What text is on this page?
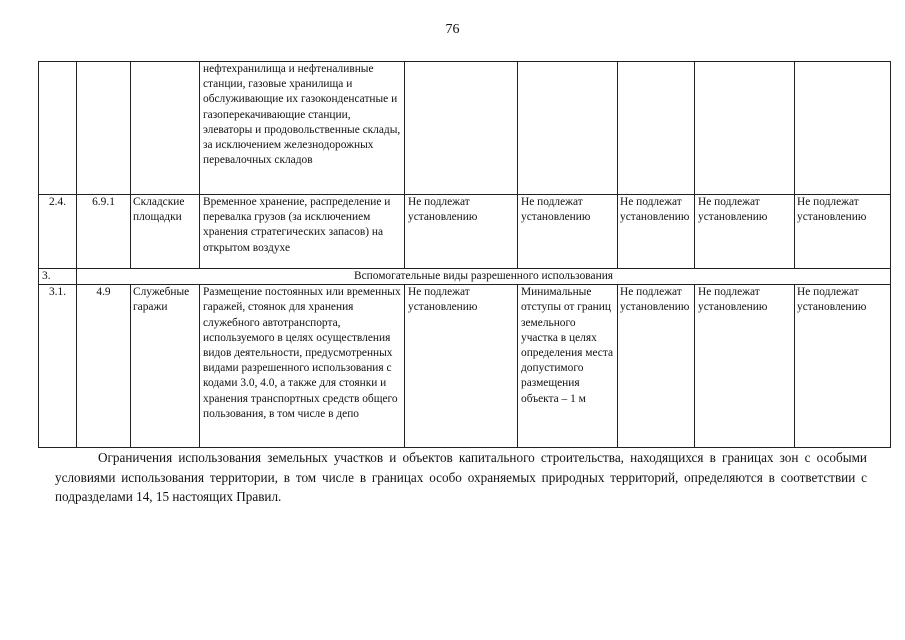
76
			нефтехранилища и нефтеналивные станции, газовые хранилища и обслуживающие их газоконденсатные и газоперекачивающие станции, элеваторы и продовольственные склады, за исключением железнодорожных перевалочных складов					
2.4.	6.9.1	Складские площадки	Временное хранение, распределение и перевалка грузов (за исключением хранения стратегических запасов) на открытом воздухе	Не подлежат установлению	Не подлежат установлению	Не подлежат установлению	Не подлежат установлению	Не подлежат установлению
3.	Вспомогательные виды разрешенного использования							
3.1.	4.9	Служебные гаражи	Размещение постоянных или временных гаражей, стоянок для хранения служебного автотранспорта, используемого в целях осуществления видов деятельности, предусмотренных видами разрешенного использования с кодами 3.0, 4.0, а также для стоянки и хранения транспортных средств общего пользования, в том числе в депо	Не подлежат установлению	Минимальные отступы от границ земельного участка в целях определения места допустимого размещения объекта – 1 м	Не подлежат установлению	Не подлежат установлению	Не подлежат установлению

Ограничения использования земельных участков и объектов капитального строительства, находящихся в границах зон с особыми условиями использования территории, в том числе в границах особо охраняемых природных территорий, определяются в соответствии с подразделами 14, 15 настоящих Правил.
